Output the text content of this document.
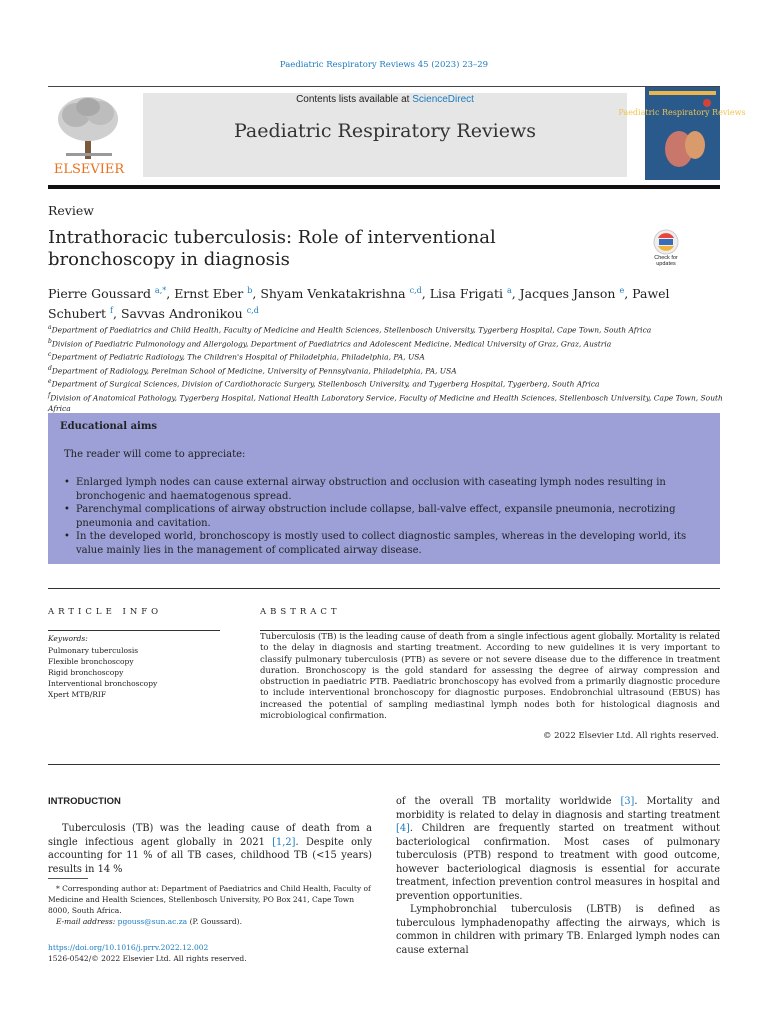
Paediatric Respiratory Reviews 45 (2023) 23–29
ELSEVIER
Contents lists available at ScienceDirect
Paediatric Respiratory Reviews
Paediatric Respiratory Reviews
Review
Intrathoracic tuberculosis: Role of interventional bronchoscopy in diagnosis	Check for updates
Pierre Goussard $^{a,*}$, Ernst Eber $^b$, Shyam Venkatakrishna $^{c,d}$, Lisa Frigati $^a$, Jacques Janson $^e$, Pawel Schubert $^f$, Savvas Andronikou $^{c,d}$
$^a$Department of Paediatrics and Child Health, Faculty of Medicine and Health Sciences, Stellenbosch University, Tygerberg Hospital, Cape Town, South Africa
$^b$Division of Paediatric Pulmonology and Allergology, Department of Paediatrics and Adolescent Medicine, Medical University of Graz, Graz, Austria
$^c$Department of Pediatric Radiology, The Children's Hospital of Philadelphia, Philadelphia, PA, USA
$^d$Department of Radiology, Perelman School of Medicine, University of Pennsylvania, Philadelphia, PA, USA
$^e$Department of Surgical Sciences, Division of Cardiothoracic Surgery, Stellenbosch University, and Tygerberg Hospital, Tygerberg, South Africa
$^f$Division of Anatomical Pathology, Tygerberg Hospital, National Health Laboratory Service, Faculty of Medicine and Health Sciences, Stellenbosch University, Cape Town, South Africa
Educational aims
The reader will come to appreciate:
• Enlarged lymph nodes can cause external airway obstruction and occlusion with caseating lymph nodes resulting in bronchogenic and haematogenous spread.
• Parenchymal complications of airway obstruction include collapse, ball-valve effect, expansile pneumonia, necrotizing pneumonia and cavitation.
• In the developed world, bronchoscopy is mostly used to collect diagnostic samples, whereas in the developing world, its value mainly lies in the management of complicated airway disease.
ARTICLE INFO	ABSTRACT
Keywords:
Pulmonary tuberculosis
Flexible bronchoscopy
Rigid bronchoscopy
Interventional bronchoscopy
Xpert MTB/RIF
Tuberculosis (TB) is the leading cause of death from a single infectious agent globally. Mortality is related to the delay in diagnosis and starting treatment. According to new guidelines it is very important to classify pulmonary tuberculosis (PTB) as severe or not severe disease due to the difference in treatment duration. Bronchoscopy is the gold standard for assessing the degree of airway compression and obstruction in paediatric PTB. Paediatric bronchoscopy has evolved from a primarily diagnostic procedure to include interventional bronchoscopy for diagnostic purposes. Endobronchial ultrasound (EBUS) has increased the potential of sampling mediastinal lymph nodes both for histological diagnosis and microbiological confirmation.
© 2022 Elsevier Ltd. All rights reserved.
INTRODUCTION

Tuberculosis (TB) was the leading cause of death from a single infectious agent globally in 2021 [1,2]. Despite only accounting for 11 % of all TB cases, childhood TB (<15 years) results in 14 %

of the overall TB mortality worldwide [3]. Mortality and morbidity is related to delay in diagnosis and starting treatment [4]. Children are frequently started on treatment without bacteriological confirmation. Most cases of pulmonary tuberculosis (PTB) respond to treatment with good outcome, however bacteriological diagnosis is essential for accurate treatment, infection prevention control measures in hospital and prevention opportunities.

Lymphobronchial tuberculosis (LBTB) is defined as tuberculous lymphadenopathy affecting the airways, which is common in children with primary TB. Enlarged lymph nodes can cause external

* Corresponding author at: Department of Paediatrics and Child Health, Faculty of Medicine and Health Sciences, Stellenbosch University, PO Box 241, Cape Town 8000, South Africa.
E-mail address: pgouss@sun.ac.za (P. Goussard).
https://doi.org/10.1016/j.prrv.2022.12.002
1526-0542/© 2022 Elsevier Ltd. All rights reserved.
